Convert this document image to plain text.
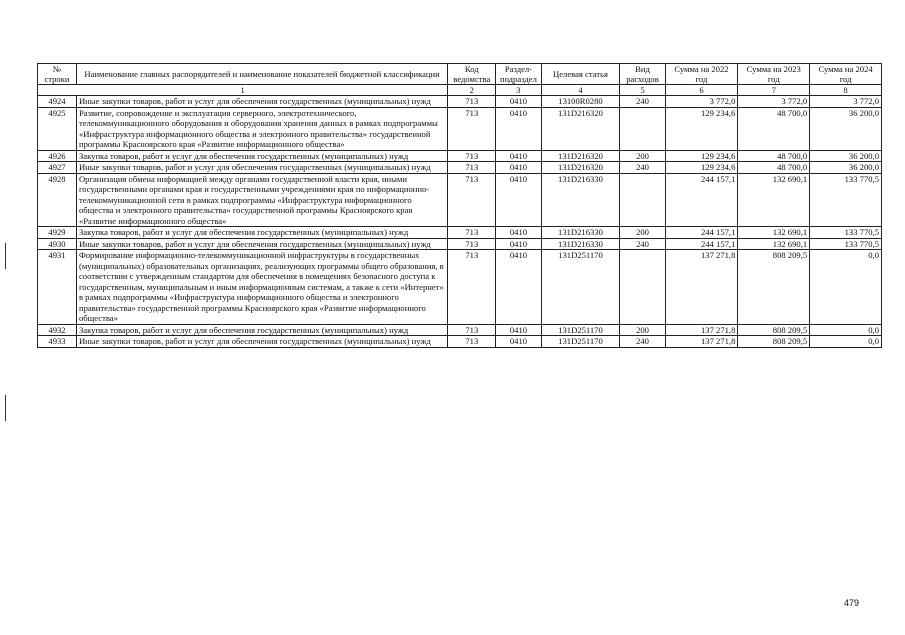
№ строки	Наименование главных распорядителей и наименование показателей бюджетной классификации	Код ведомства	Раздел-подраздел	Целевая статья	Вид расходов	Сумма на 2022 год	Сумма на 2023 год	Сумма на 2024 год
1		2	3	4	5	6	7	8
4924	Иные закупки товаров, работ и услуг для обеспечения государственных (муниципальных) нужд	713	0410	13100R0280	240	3 772,0	3 772,0	3 772,0
4925	Развитие, сопровождение и эксплуатация серверного, электротехнического, телекоммуникационного оборудования и оборудования хранения данных в рамках подпрограммы «Инфраструктура информационного общества и электронного правительства» государственной программы Красноярского края «Развитие информационного общества»	713	0410	131D216320		129 234,6	48 700,0	36 200,0
4926	Закупка товаров, работ и услуг для обеспечения государственных (муниципальных) нужд	713	0410	131D216320	200	129 234,6	48 700,0	36 200,0
4927	Иные закупки товаров, работ и услуг для обеспечения государственных (муниципальных) нужд	713	0410	131D216320	240	129 234,6	48 700,0	36 200,0
4928	Организация обмена информацией между органами государственной власти края, иными государственными органами края и государственными учреждениями края по информационно-телекоммуникационной сети в рамках подпрограммы «Инфраструктура информационного общества и электронного правительства» государственной программы Красноярского края «Развитие информационного общества»	713	0410	131D216330		244 157,1	132 690,1	133 770,5
4929	Закупка товаров, работ и услуг для обеспечения государственных (муниципальных) нужд	713	0410	131D216330	200	244 157,1	132 690,1	133 770,5
4930	Иные закупки товаров, работ и услуг для обеспечения государственных (муниципальных) нужд	713	0410	131D216330	240	244 157,1	132 690,1	133 770,5
4931	Формирование информационно-телекоммуникационной инфраструктуры в государственных (муниципальных) образовательных организациях, реализующих программы общего образования, в соответствии с утвержденным стандартом для обеспечения в помещениях безопасного доступа к государственным, муниципальным и иным информационным системам, а также к сети «Интернет» в рамках подпрограммы «Инфраструктура информационного общества и электронного правительства» государственной программы Красноярского края «Развитие информационного общества»	713	0410	131D251170		137 271,8	808 209,5	0,0
4932	Закупка товаров, работ и услуг для обеспечения государственных (муниципальных) нужд	713	0410	131D251170	200	137 271,8	808 209,5	0,0
4933	Иные закупки товаров, работ и услуг для обеспечения государственных (муниципальных) нужд	713	0410	131D251170	240	137 271,8	808 209,5	0,0
479
